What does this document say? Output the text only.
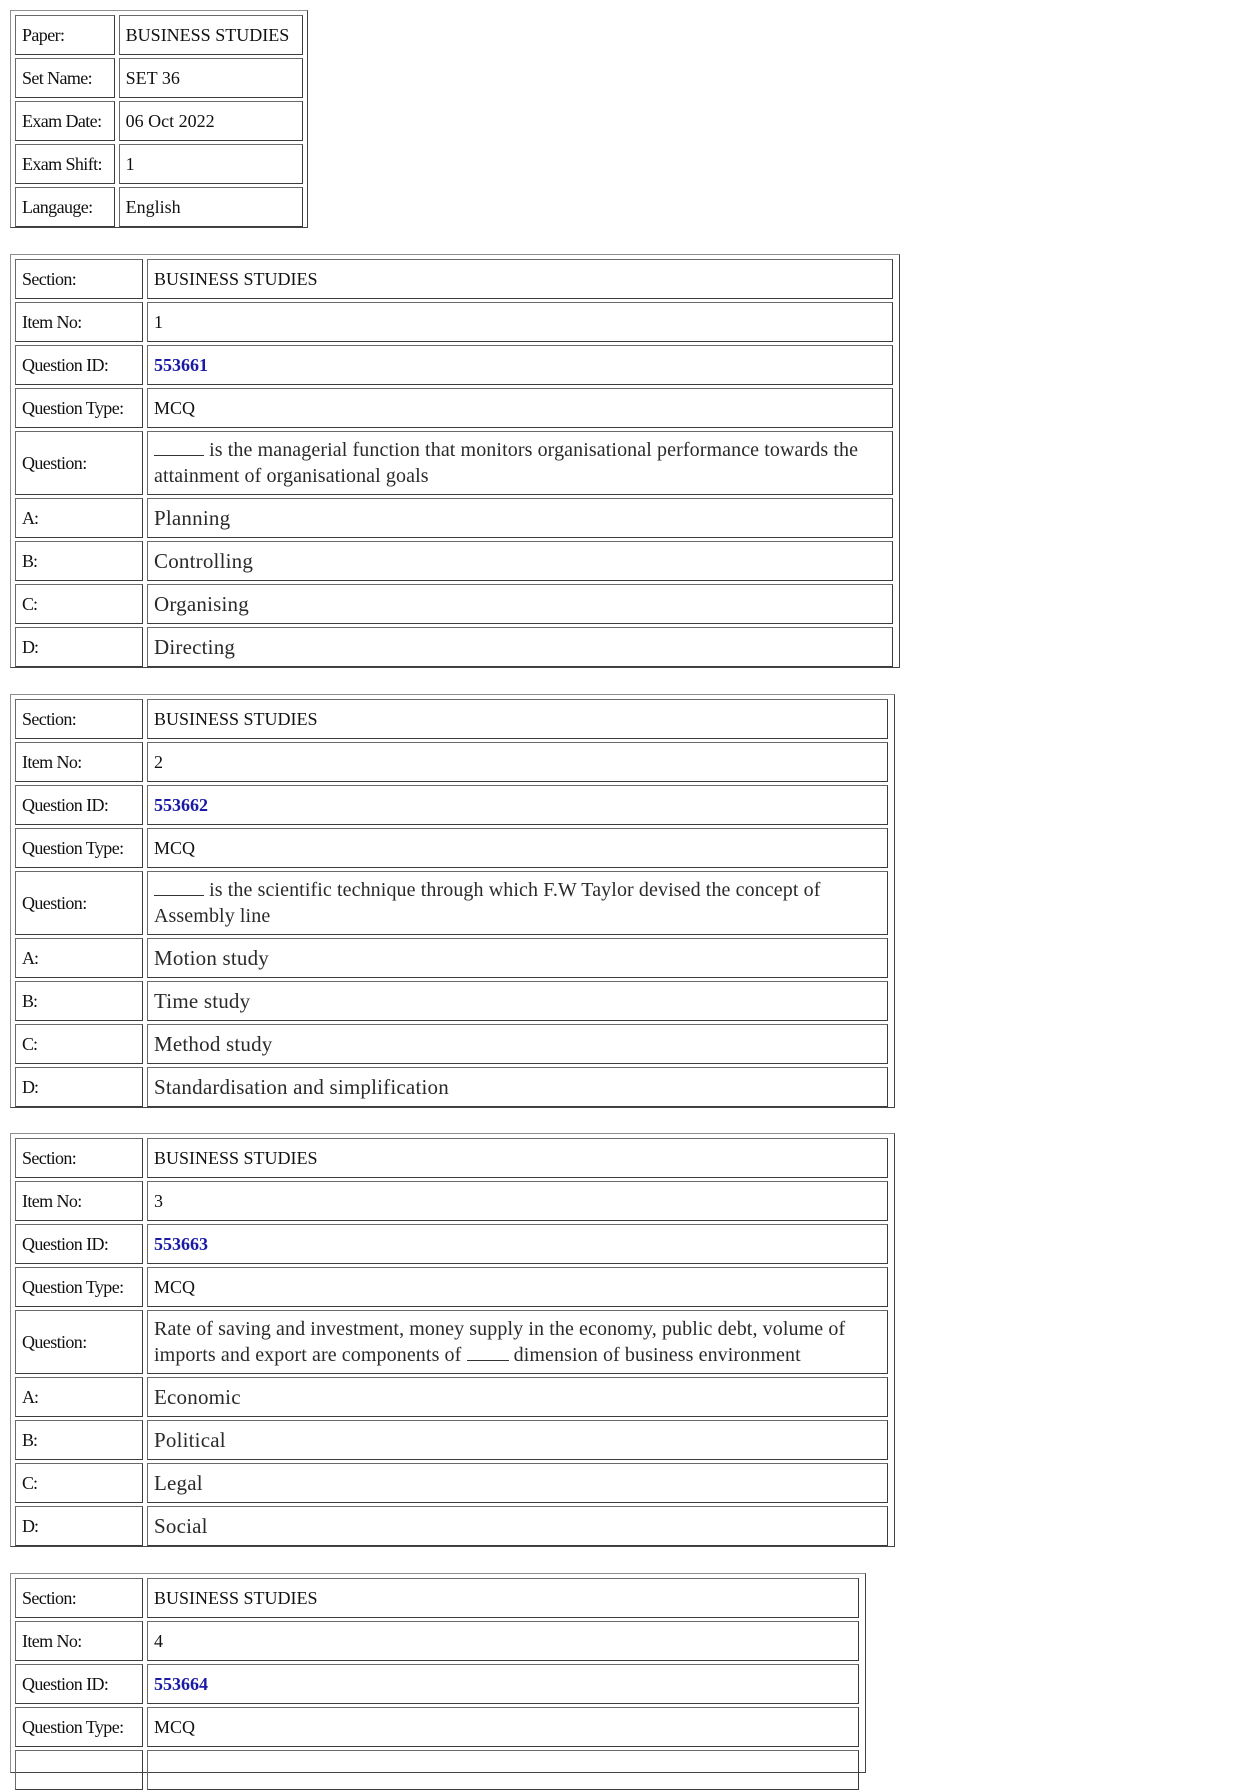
Paper:	BUSINESS STUDIES
Set Name:	SET 36
Exam Date:	06 Oct 2022
Exam Shift:	1
Langauge:	English
Section:	BUSINESS STUDIES
Item No:	1
Question ID:	553661
Question Type:	MCQ
Question:
is the managerial function that monitors organisational performance towards the attainment of organisational goals
A:	Planning
B:	Controlling
C:	Organising
D:	Directing
Section:	BUSINESS STUDIES
Item No:	2
Question ID:	553662
Question Type:	MCQ
Question:
is the scientific technique through which F.W Taylor devised the concept of Assembly line
A:	Motion study
B:	Time study
C:	Method study
D:	Standardisation and simplification
Section:	BUSINESS STUDIES
Item No:	3
Question ID:	553663
Question Type:	MCQ
Question:
Rate of saving and investment, money supply in the economy, public debt, volume of imports and export are components of  dimension of business environment
A:	Economic
B:	Political
C:	Legal
D:	Social
Section:	BUSINESS STUDIES
Item No:	4
Question ID:	553664
Question Type:	MCQ
